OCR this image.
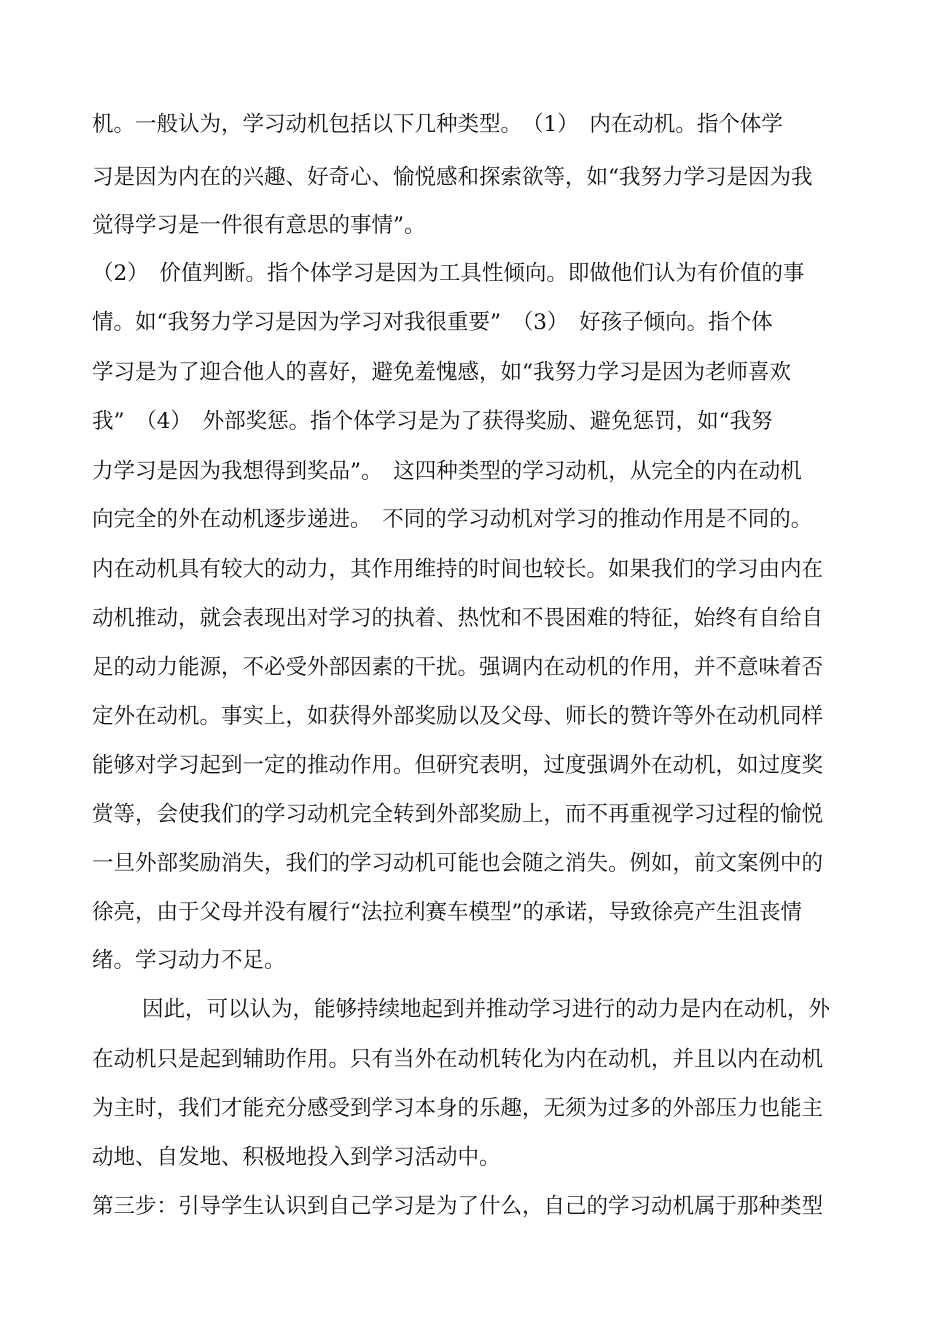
机。一般认为，学习动机包括以下几种类型。　（1）　内在动机。指个体学
习是因为内在的兴趣、好奇心、愉悦感和探索欲等，如“我努力学习是因为我
觉得学习是一件很有意思的事情”。
（2）　价值判断。指个体学习是因为工具性倾向。即做他们认为有价值的事
情。如“我努力学习是因为学习对我很重要”　（3）　好孩子倾向。指个体
学习是为了迎合他人的喜好，避免羞愧感，如“我努力学习是因为老师喜欢
我”　（4）　外部奖惩。指个体学习是为了获得奖励、避免惩罚，如“我努
力学习是因为我想得到奖品”。　这四种类型的学习动机，从完全的内在动机
向完全的外在动机逐步递进。　不同的学习动机对学习的推动作用是不同的。
内在动机具有较大的动力，其作用维持的时间也较长。如果我们的学习由内在
动机推动，就会表现出对学习的执着、热忱和不畏困难的特征，始终有自给自
足的动力能源，不必受外部因素的干扰。强调内在动机的作用，并不意味着否
定外在动机。事实上，如获得外部奖励以及父母、师长的赞许等外在动机同样
能够对学习起到一定的推动作用。但研究表明，过度强调外在动机，如过度奖
赏等，会使我们的学习动机完全转到外部奖励上，而不再重视学习过程的愉悦
一旦外部奖励消失，我们的学习动机可能也会随之消失。例如，前文案例中的
徐亮，由于父母并没有履行“法拉利赛车模型”的承诺，导致徐亮产生沮丧情
绪。学习动力不足。
因此，可以认为，能够持续地起到并推动学习进行的动力是内在动机，外
在动机只是起到辅助作用。只有当外在动机转化为内在动机，并且以内在动机
为主时，我们才能充分感受到学习本身的乐趣，无须为过多的外部压力也能主
动地、自发地、积极地投入到学习活动中。
第三步：引导学生认识到自己学习是为了什么，自己的学习动机属于那种类型
